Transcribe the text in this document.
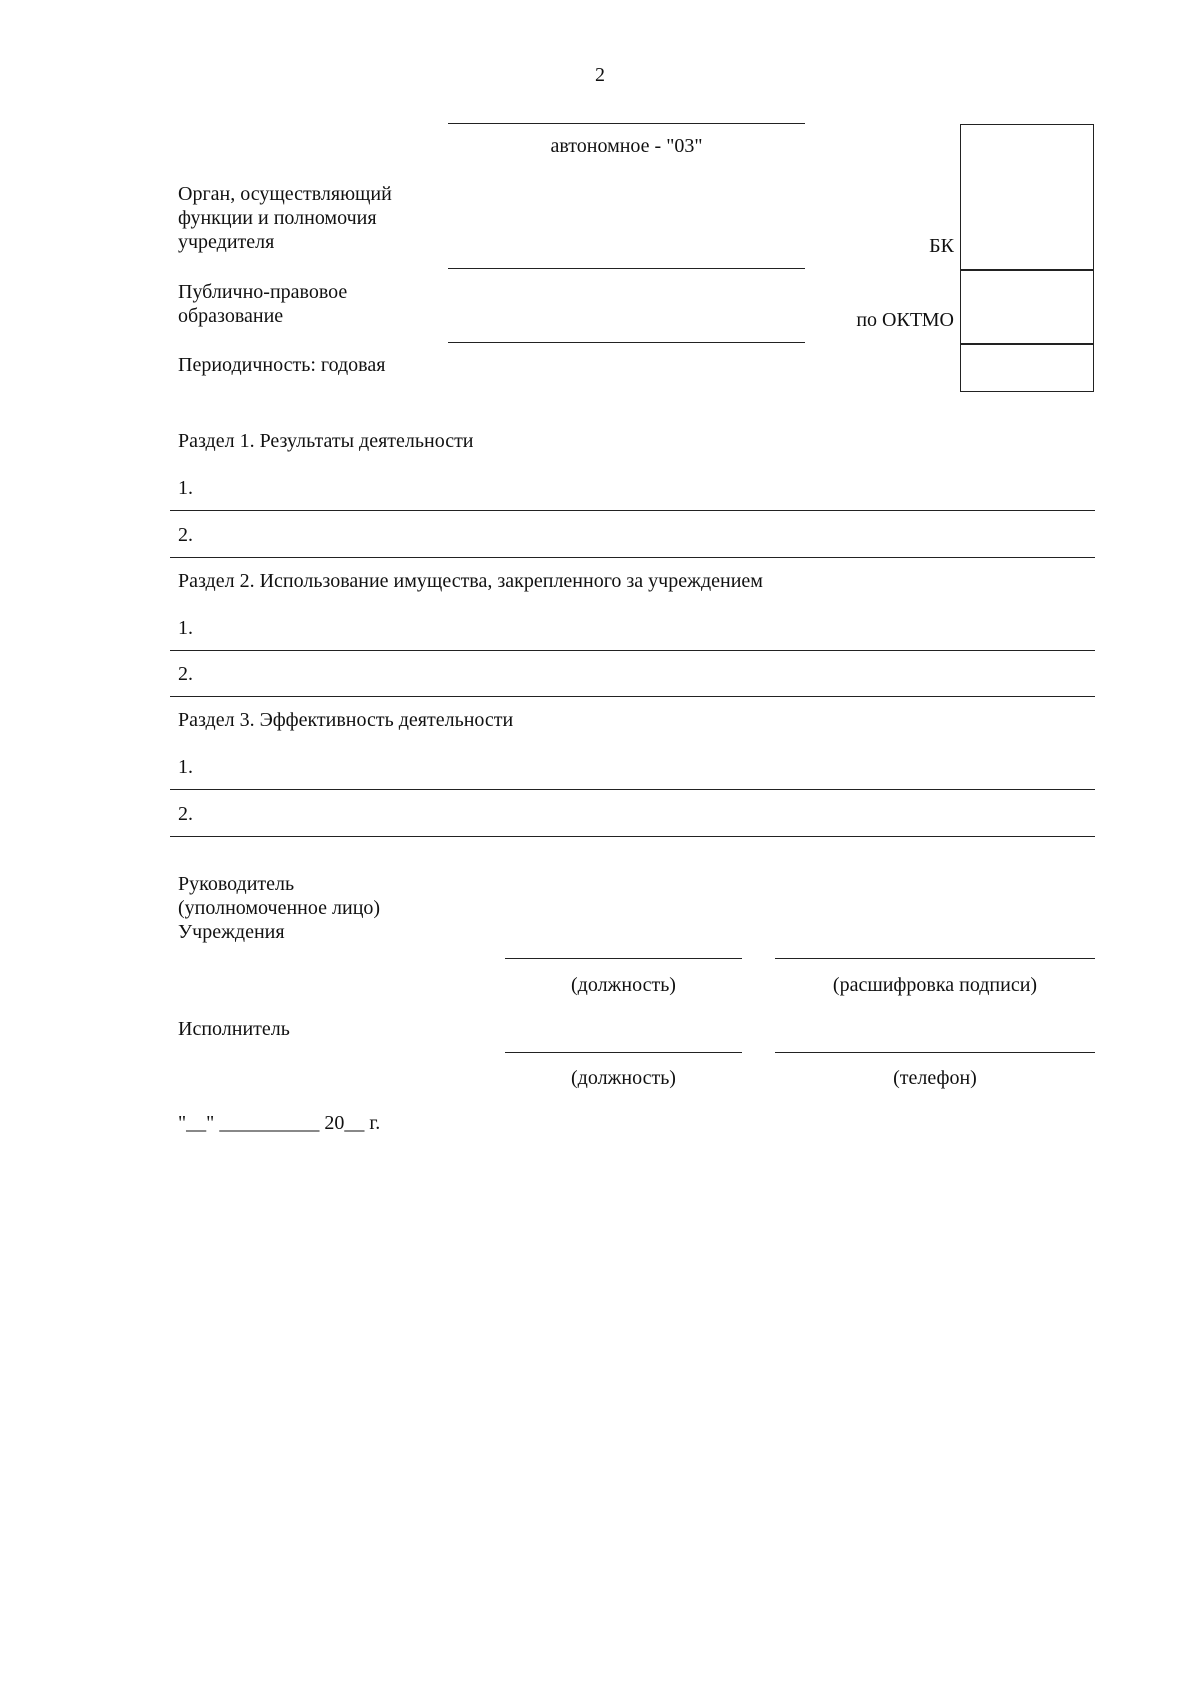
2
автономное - "03"
Орган, осуществляющий
функции и полномочия
учредителя
Публично-правовое
образование
Периодичность: годовая
БК
по ОКТМО
Раздел 1. Результаты деятельности
1.
2.
Раздел 2. Использование имущества, закрепленного за учреждением
1.
2.
Раздел 3. Эффективность деятельности
1.
2.
Руководитель
(уполномоченное лицо)
Учреждения
(должность)	(расшифровка подписи)
Исполнитель
(должность)	(телефон)
"__" __________ 20__ г.
